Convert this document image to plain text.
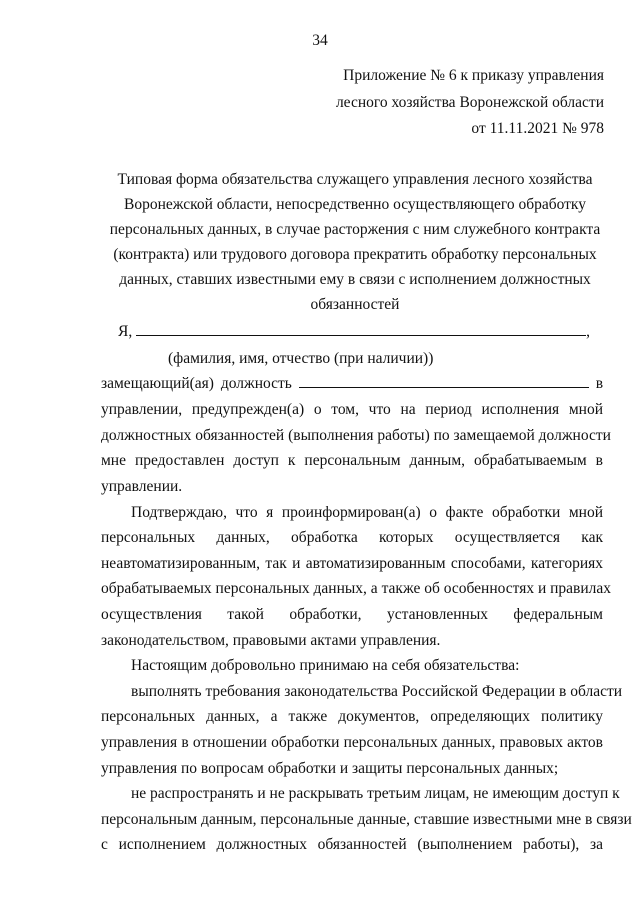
34
Приложение № 6 к приказу управления
лесного хозяйства Воронежской области
от 11.11.2021 № 978
Типовая форма обязательства служащего управления лесного хозяйства
Воронежской области, непосредственно осуществляющего обработку
персональных данных, в случае расторжения с ним служебного контракта
(контракта) или трудового договора прекратить обработку персональных
данных, ставших известными ему в связи с исполнением должностных
обязанностей
Я,	,
(фамилия, имя, отчество (при наличии))
замещающий(ая) должность	в
управлении, предупрежден(а) о том, что на период исполнения мной
должностных обязанностей (выполнения работы) по замещаемой должности
мне предоставлен доступ к персональным данным, обрабатываемым в
управлении.
Подтверждаю, что я проинформирован(а) о факте обработки мной
персональных данных, обработка которых осуществляется как
неавтоматизированным, так и автоматизированным способами, категориях
обрабатываемых персональных данных, а также об особенностях и правилах
осуществления такой обработки, установленных федеральным
законодательством, правовыми актами управления.
Настоящим добровольно принимаю на себя обязательства:
выполнять требования законодательства Российской Федерации в области
персональных данных, а также документов, определяющих политику
управления в отношении обработки персональных данных, правовых актов
управления по вопросам обработки и защиты персональных данных;
не распространять и не раскрывать третьим лицам, не имеющим доступ к
персональным данным, персональные данные, ставшие известными мне в связи
с исполнением должностных обязанностей (выполнением работы), за
